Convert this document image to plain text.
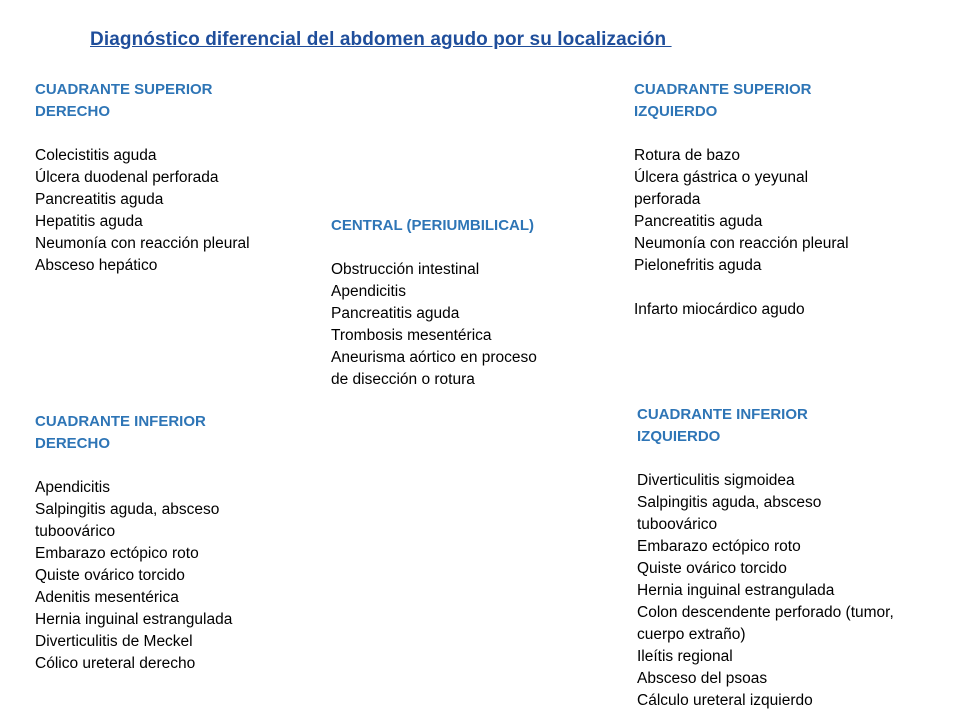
Diagnóstico diferencial del abdomen agudo por su localización
CUADRANTE SUPERIOR
DERECHO
Colecistitis aguda
Úlcera duodenal perforada
Pancreatitis aguda
Hepatitis aguda
Neumonía con reacción pleural
Absceso hepático
CENTRAL (PERIUMBILICAL)
Obstrucción intestinal
Apendicitis
Pancreatitis aguda
Trombosis mesentérica
Aneurisma aórtico en proceso
de disección o rotura
CUADRANTE SUPERIOR
IZQUIERDO
Rotura de bazo
Úlcera gástrica o yeyunal
perforada
Pancreatitis aguda
Neumonía con reacción pleural
Pielonefritis aguda
Infarto miocárdico agudo
CUADRANTE INFERIOR
DERECHO
Apendicitis
Salpingitis aguda, absceso
tuboovárico
Embarazo ectópico roto
Quiste ovárico torcido
Adenitis mesentérica
Hernia inguinal estrangulada
Diverticulitis de Meckel
Cólico ureteral derecho
CUADRANTE INFERIOR
IZQUIERDO
Diverticulitis sigmoidea
Salpingitis aguda, absceso
tuboovárico
Embarazo ectópico roto
Quiste ovárico torcido
Hernia inguinal estrangulada
Colon descendente perforado (tumor,
cuerpo extraño)
Ileítis regional
Absceso del psoas
Cálculo ureteral izquierdo
